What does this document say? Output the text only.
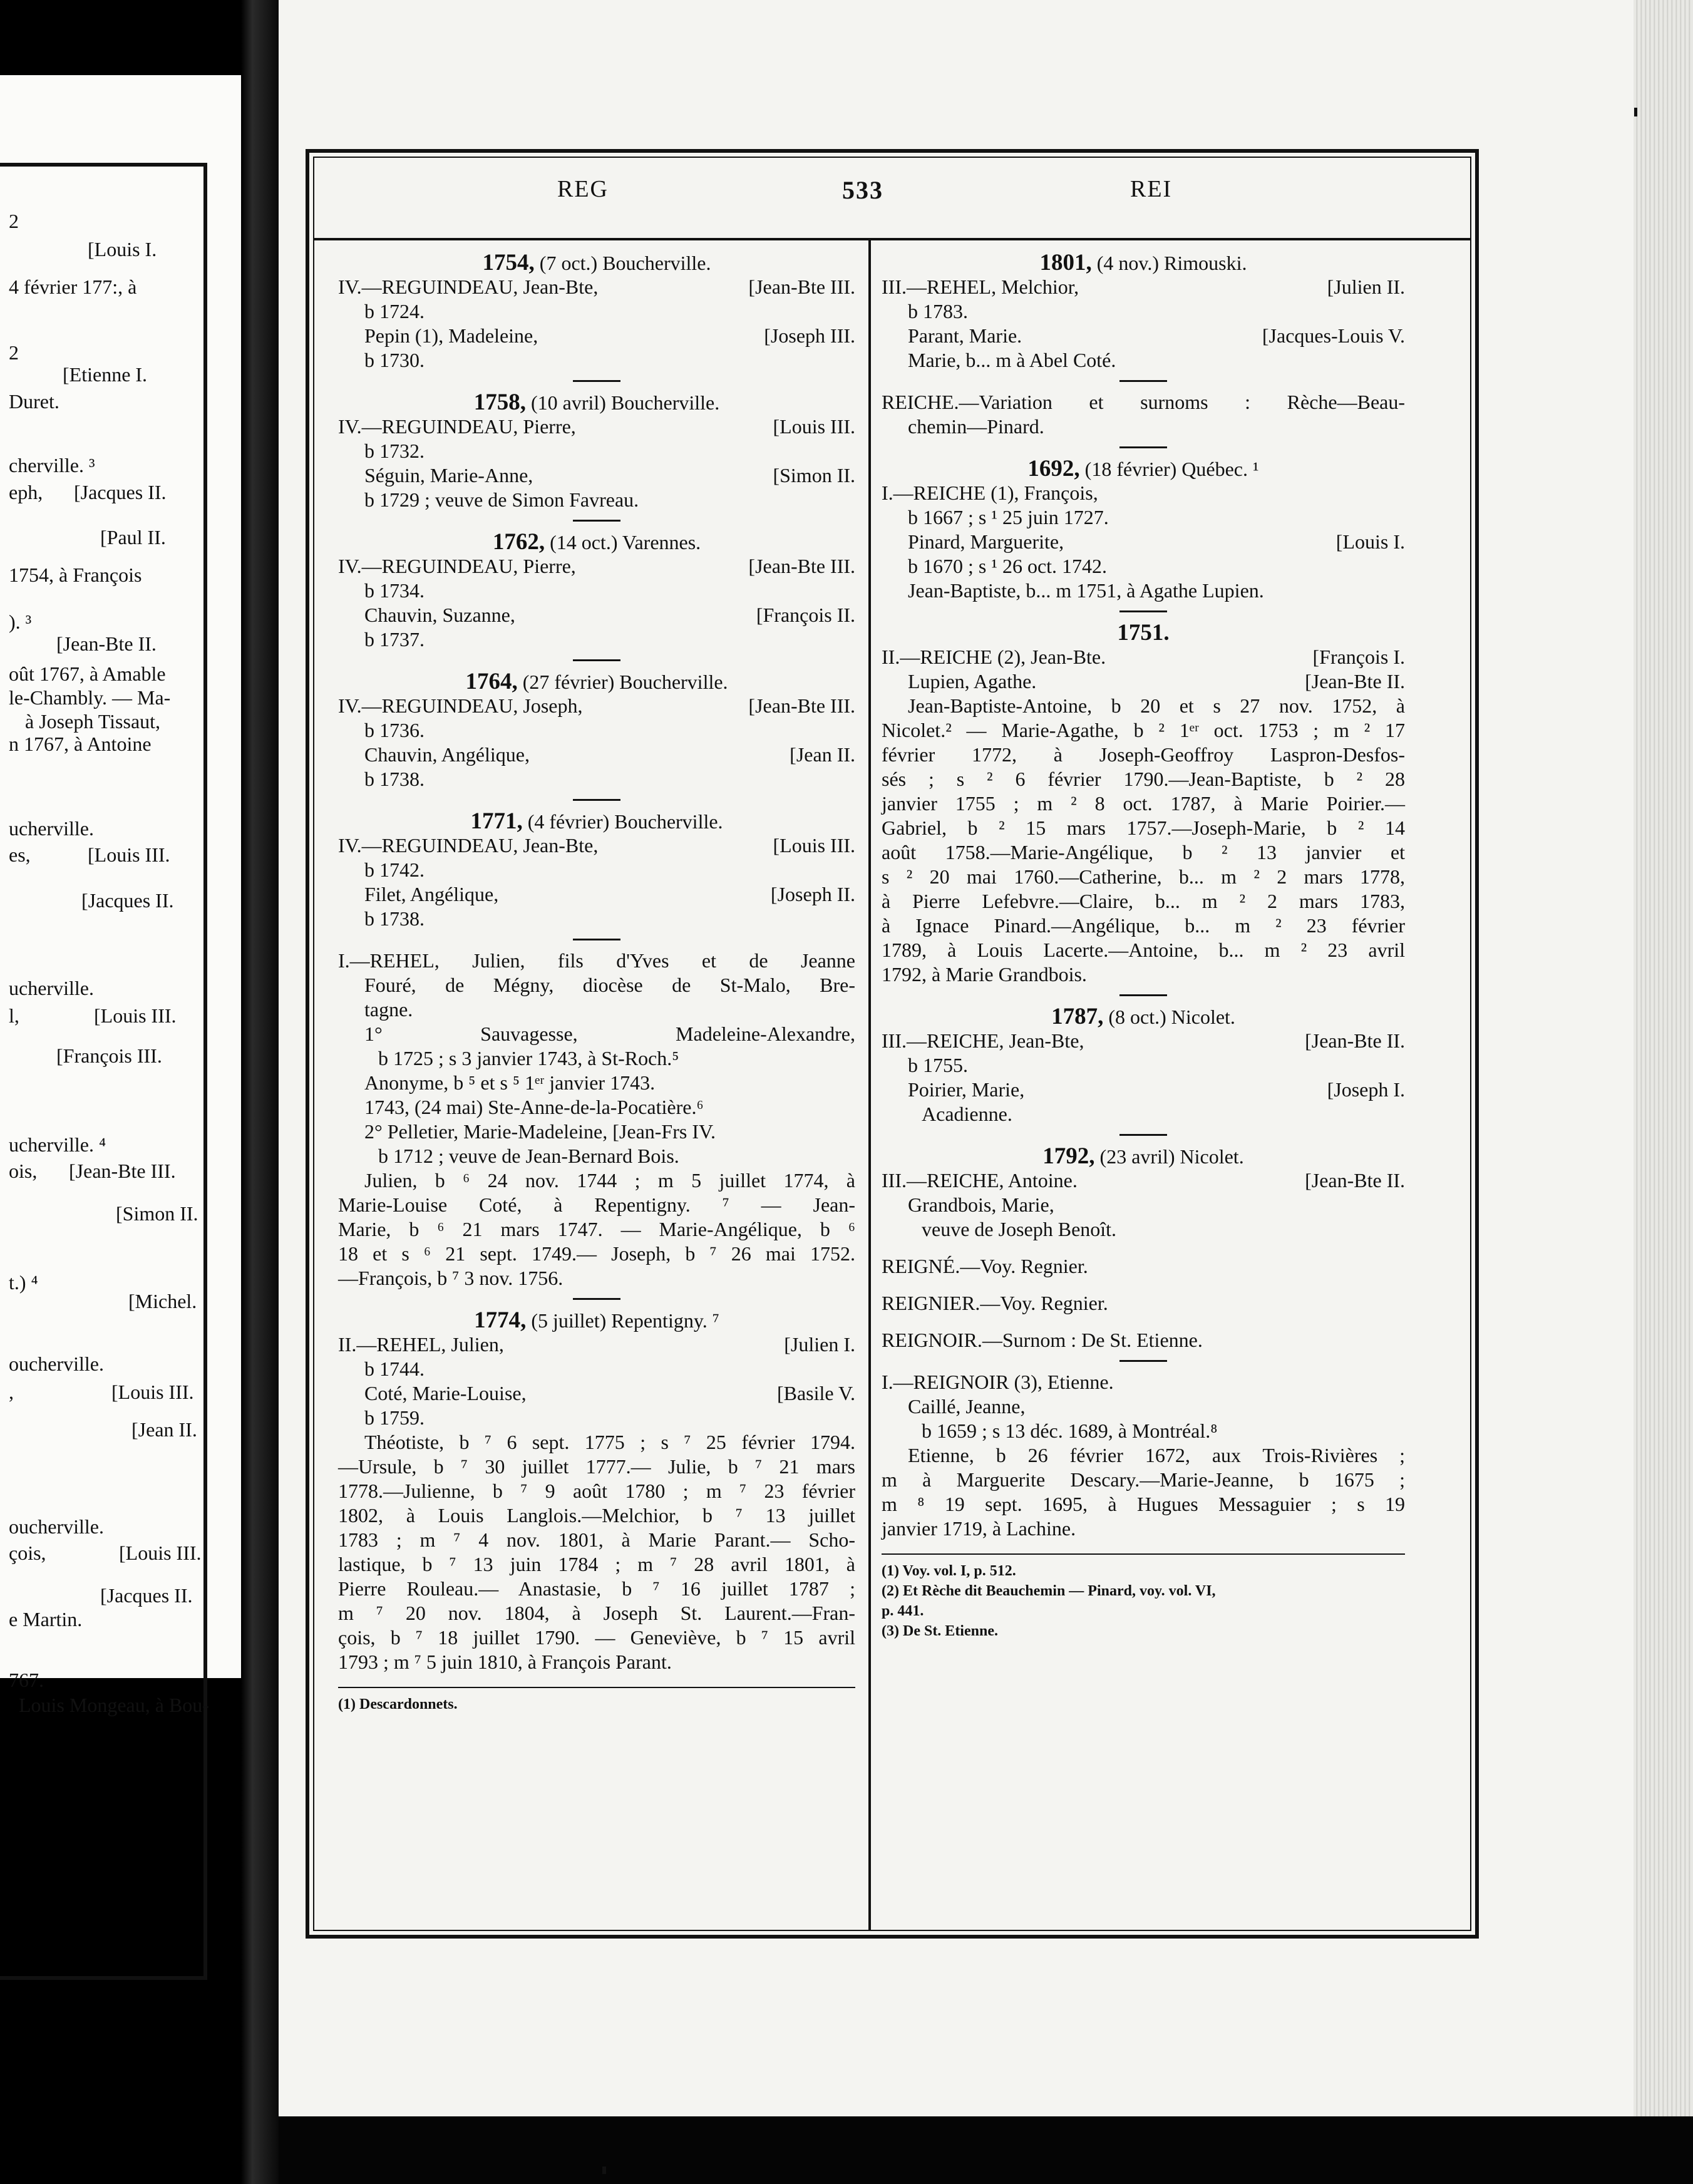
2
[Louis I.
4 février 177:, à
2
[Etienne I.
Duret.
cherville. ³
eph, [Jacques II.
[Paul II.
1754, à François
). ³
[Jean-Bte II.
oût 1767, à Amable
le-Chambly. — Ma-
à Joseph Tissaut,
n 1767, à Antoine
ucherville.
es,	[Louis III.
[Jacques II.
ucherville.
l,	[Louis III.
[François III.
ucherville. ⁴
ois, [Jean-Bte III.
[Simon II.
t.) ⁴
[Michel.
oucherville.
,	[Louis III.
[Jean II.
oucherville.
çois,	[Louis III.
[Jacques II.
e Martin.
767.
Louis Mongeau, à Bou-
REG	533	REI
1754, (7 oct.) Boucherville.
IV.—REGUINDEAU, Jean-Bte,	[Jean-Bte III.
b 1724.
Pepin (1), Madeleine,	[Joseph III.
b 1730.
1758, (10 avril) Boucherville.
IV.—REGUINDEAU, Pierre,	[Louis III.
b 1732.
Séguin, Marie-Anne,	[Simon II.
b 1729 ; veuve de Simon Favreau.
1762, (14 oct.) Varennes.
IV.—REGUINDEAU, Pierre,	[Jean-Bte III.
b 1734.
Chauvin, Suzanne,	[François II.
b 1737.
1764, (27 février) Boucherville.
IV.—REGUINDEAU, Joseph,	[Jean-Bte III.
b 1736.
Chauvin, Angélique,	[Jean II.
b 1738.
1771, (4 février) Boucherville.
IV.—REGUINDEAU, Jean-Bte,	[Louis III.
b 1742.
Filet, Angélique,	[Joseph II.
b 1738.
I.—REHEL, Julien, fils d'Yves et de Jeanne
Fouré, de Mégny, diocèse de St-Malo, Bre-
tagne.
1° Sauvagesse, Madeleine-Alexandre,
b 1725 ; s 3 janvier 1743, à St-Roch.⁵
Anonyme, b ⁵ et s ⁵ 1ᵉʳ janvier 1743.
1743, (24 mai) Ste-Anne-de-la-Pocatière.⁶
2° Pelletier, Marie-Madeleine, [Jean-Frs IV.
b 1712 ; veuve de Jean-Bernard Bois.
Julien, b ⁶ 24 nov. 1744 ; m 5 juillet 1774, à
Marie-Louise Coté, à Repentigny. ⁷ — Jean-
Marie, b ⁶ 21 mars 1747. — Marie-Angélique, b ⁶
18 et s ⁶ 21 sept. 1749.— Joseph, b ⁷ 26 mai 1752.
—François, b ⁷ 3 nov. 1756.
1774, (5 juillet) Repentigny. ⁷
II.—REHEL, Julien,	[Julien I.
b 1744.
Coté, Marie-Louise,	[Basile V.
b 1759.
Théotiste, b ⁷ 6 sept. 1775 ; s ⁷ 25 février 1794.
—Ursule, b ⁷ 30 juillet 1777.— Julie, b ⁷ 21 mars
1778.—Julienne, b ⁷ 9 août 1780 ; m ⁷ 23 février
1802, à Louis Langlois.—Melchior, b ⁷ 13 juillet
1783 ; m ⁷ 4 nov. 1801, à Marie Parant.— Scho-
lastique, b ⁷ 13 juin 1784 ; m ⁷ 28 avril 1801, à
Pierre Rouleau.— Anastasie, b ⁷ 16 juillet 1787 ;
m ⁷ 20 nov. 1804, à Joseph St. Laurent.—Fran-
çois, b ⁷ 18 juillet 1790. — Geneviève, b ⁷ 15 avril
1793 ; m ⁷ 5 juin 1810, à François Parant.
(1) Descardonnets.
1801, (4 nov.) Rimouski.
III.—REHEL, Melchior,	[Julien II.
b 1783.
Parant, Marie.	[Jacques-Louis V.
Marie, b... m à Abel Coté.
REICHE.—Variation et surnoms : Rèche—Beau-
chemin—Pinard.
1692, (18 février) Québec. ¹
I.—REICHE (1), François,
b 1667 ; s ¹ 25 juin 1727.
Pinard, Marguerite,	[Louis I.
b 1670 ; s ¹ 26 oct. 1742.
Jean-Baptiste, b... m 1751, à Agathe Lupien.
1751.
II.—REICHE (2), Jean-Bte.	[François I.
Lupien, Agathe.	[Jean-Bte II.
Jean-Baptiste-Antoine, b 20 et s 27 nov. 1752, à
Nicolet.² — Marie-Agathe, b ² 1ᵉʳ oct. 1753 ; m ² 17
février 1772, à Joseph-Geoffroy Laspron-Desfos-
sés ; s ² 6 février 1790.—Jean-Baptiste, b ² 28
janvier 1755 ; m ² 8 oct. 1787, à Marie Poirier.—
Gabriel, b ² 15 mars 1757.—Joseph-Marie, b ² 14
août 1758.—Marie-Angélique, b ² 13 janvier et
s ² 20 mai 1760.—Catherine, b... m ² 2 mars 1778,
à Pierre Lefebvre.—Claire, b... m ² 2 mars 1783,
à Ignace Pinard.—Angélique, b... m ² 23 février
1789, à Louis Lacerte.—Antoine, b... m ² 23 avril
1792, à Marie Grandbois.
1787, (8 oct.) Nicolet.
III.—REICHE, Jean-Bte,	[Jean-Bte II.
b 1755.
Poirier, Marie,	[Joseph I.
Acadienne.
1792, (23 avril) Nicolet.
III.—REICHE, Antoine.	[Jean-Bte II.
Grandbois, Marie,
veuve de Joseph Benoît.
REIGNÉ.—Voy. Regnier.
REIGNIER.—Voy. Regnier.
REIGNOIR.—Surnom : De St. Etienne.
I.—REIGNOIR (3), Etienne.
Caillé, Jeanne,
b 1659 ; s 13 déc. 1689, à Montréal.⁸
Etienne, b 26 février 1672, aux Trois-Rivières ;
m à Marguerite Descary.—Marie-Jeanne, b 1675 ;
m ⁸ 19 sept. 1695, à Hugues Messaguier ; s 19
janvier 1719, à Lachine.
(1) Voy. vol. I, p. 512.
(2) Et Rèche dit Beauchemin — Pinard, voy. vol. VI,
p. 441.
(3) De St. Etienne.
